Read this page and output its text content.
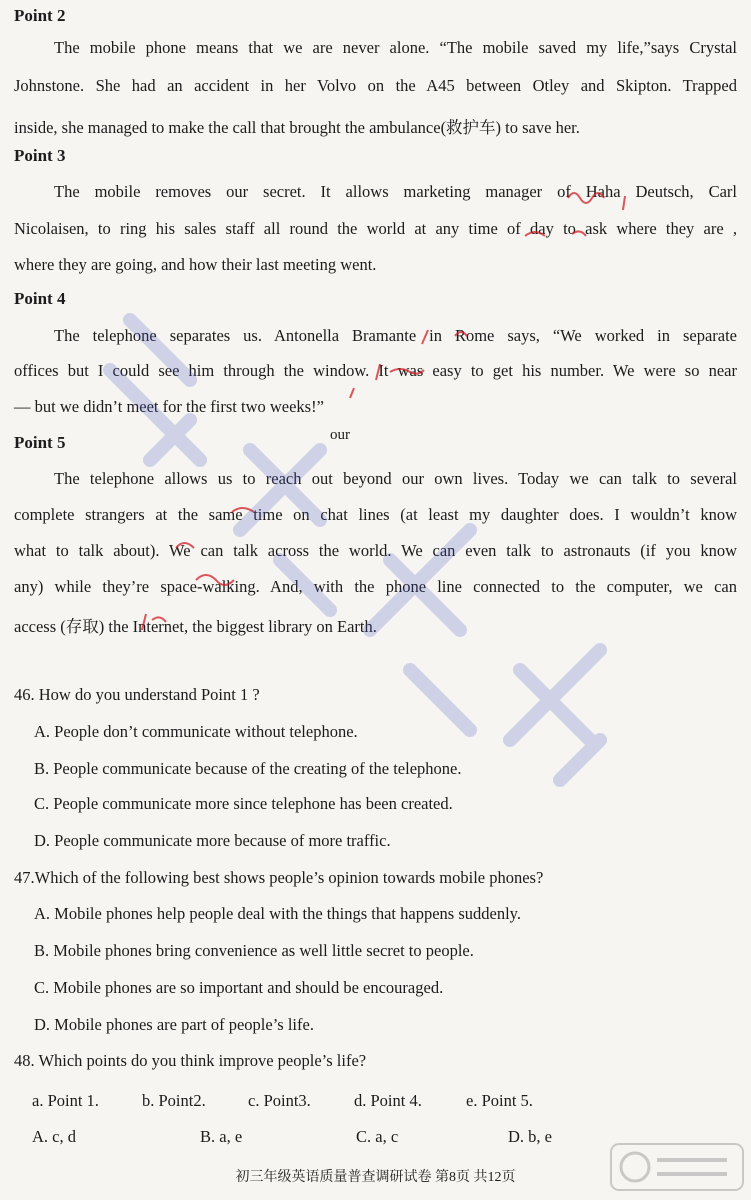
Point 2
The mobile phone means that we are never alone. “The mobile saved my life,”says Crystal
Johnstone. She had an accident in her Volvo on the A45 between Otley and Skipton. Trapped
inside, she managed to make the call that brought the ambulance(救护车) to save her.
Point 3
The mobile removes our secret. It allows marketing manager of Haha Deutsch, Carl
Nicolaisen, to ring his sales staff all round the world at any time of day to ask where they are ,
where they are going, and how their last meeting went.
Point 4
The telephone separates us. Antonella Bramante in Rome says, “We worked in separate
offices but I could see him through the window. It was easy to get his number. We were so near
— but we didn’t meet for the first two weeks!”
our
Point 5
The telephone allows us to reach out beyond our own lives. Today we can talk to several
complete strangers at the same time on chat lines (at least my daughter does. I wouldn’t know
what to talk about). We can talk across the world. We can even talk to astronauts (if you know
any) while they’re space-walking. And, with the phone line connected to the computer, we can
access (存取) the Internet, the biggest library on Earth.
46. How do you understand Point 1 ?
A. People don’t communicate without telephone.
B. People communicate because of the creating of the telephone.
C. People communicate more since telephone has been created.
D. People communicate more because of more traffic.
47.Which of the following best shows people’s opinion towards mobile phones?
A. Mobile phones help people deal with the things that happens suddenly.
B. Mobile phones bring convenience as well little secret to people.
C. Mobile phones are so important and should be encouraged.
D. Mobile phones are part of people’s life.
48. Which points do you think improve people’s life?
a. Point 1.	b. Point2.	c. Point3.	d. Point 4.	e. Point 5.
A. c, d	B. a, e	C. a, c	D. b, e
初三年级英语质量普查调研试卷 第8页 共12页
